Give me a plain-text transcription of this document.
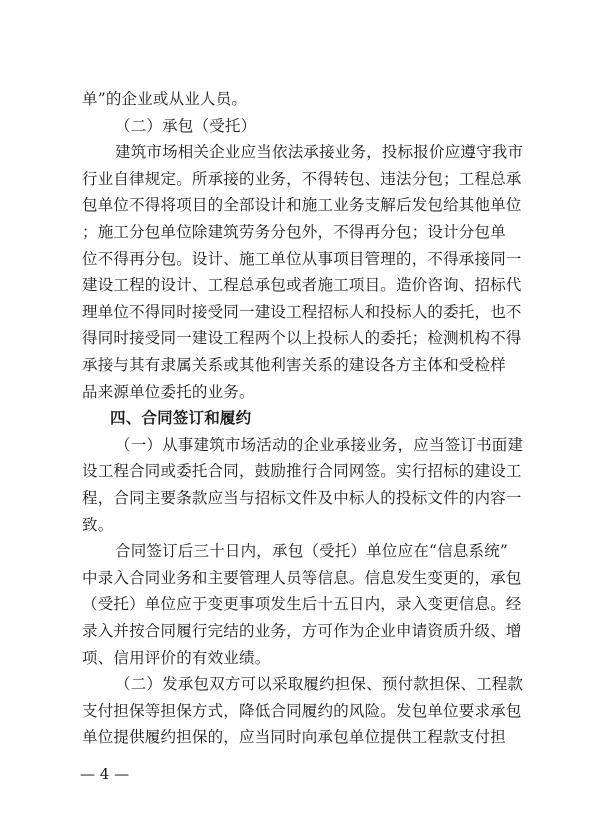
单”的企业或从业人员。
（二）承包（受托）
建筑市场相关企业应当依法承接业务，投标报价应遵守我市
行业自律规定。所承接的业务，不得转包、违法分包；工程总承
包单位不得将项目的全部设计和施工业务支解后发包给其他单位
；施工分包单位除建筑劳务分包外，不得再分包；设计分包单
位不得再分包。设计、施工单位从事项目管理的，不得承接同一
建设工程的设计、工程总承包或者施工项目。造价咨询、招标代
理单位不得同时接受同一建设工程招标人和投标人的委托，也不
得同时接受同一建设工程两个以上投标人的委托；检测机构不得
承接与其有隶属关系或其他利害关系的建设各方主体和受检样
品来源单位委托的业务。
四、合同签订和履约
（一）从事建筑市场活动的企业承接业务，应当签订书面建
设工程合同或委托合同，鼓励推行合同网签。实行招标的建设工
程，合同主要条款应当与招标文件及中标人的投标文件的内容一
致。
合同签订后三十日内，承包（受托）单位应在“信息系统”
中录入合同业务和主要管理人员等信息。信息发生变更的，承包
（受托）单位应于变更事项发生后十五日内，录入变更信息。经
录入并按合同履行完结的业务，方可作为企业申请资质升级、增
项、信用评价的有效业绩。
（二）发承包双方可以采取履约担保、预付款担保、工程款
支付担保等担保方式，降低合同履约的风险。发包单位要求承包
单位提供履约担保的，应当同时向承包单位提供工程款支付担
— 4 —
